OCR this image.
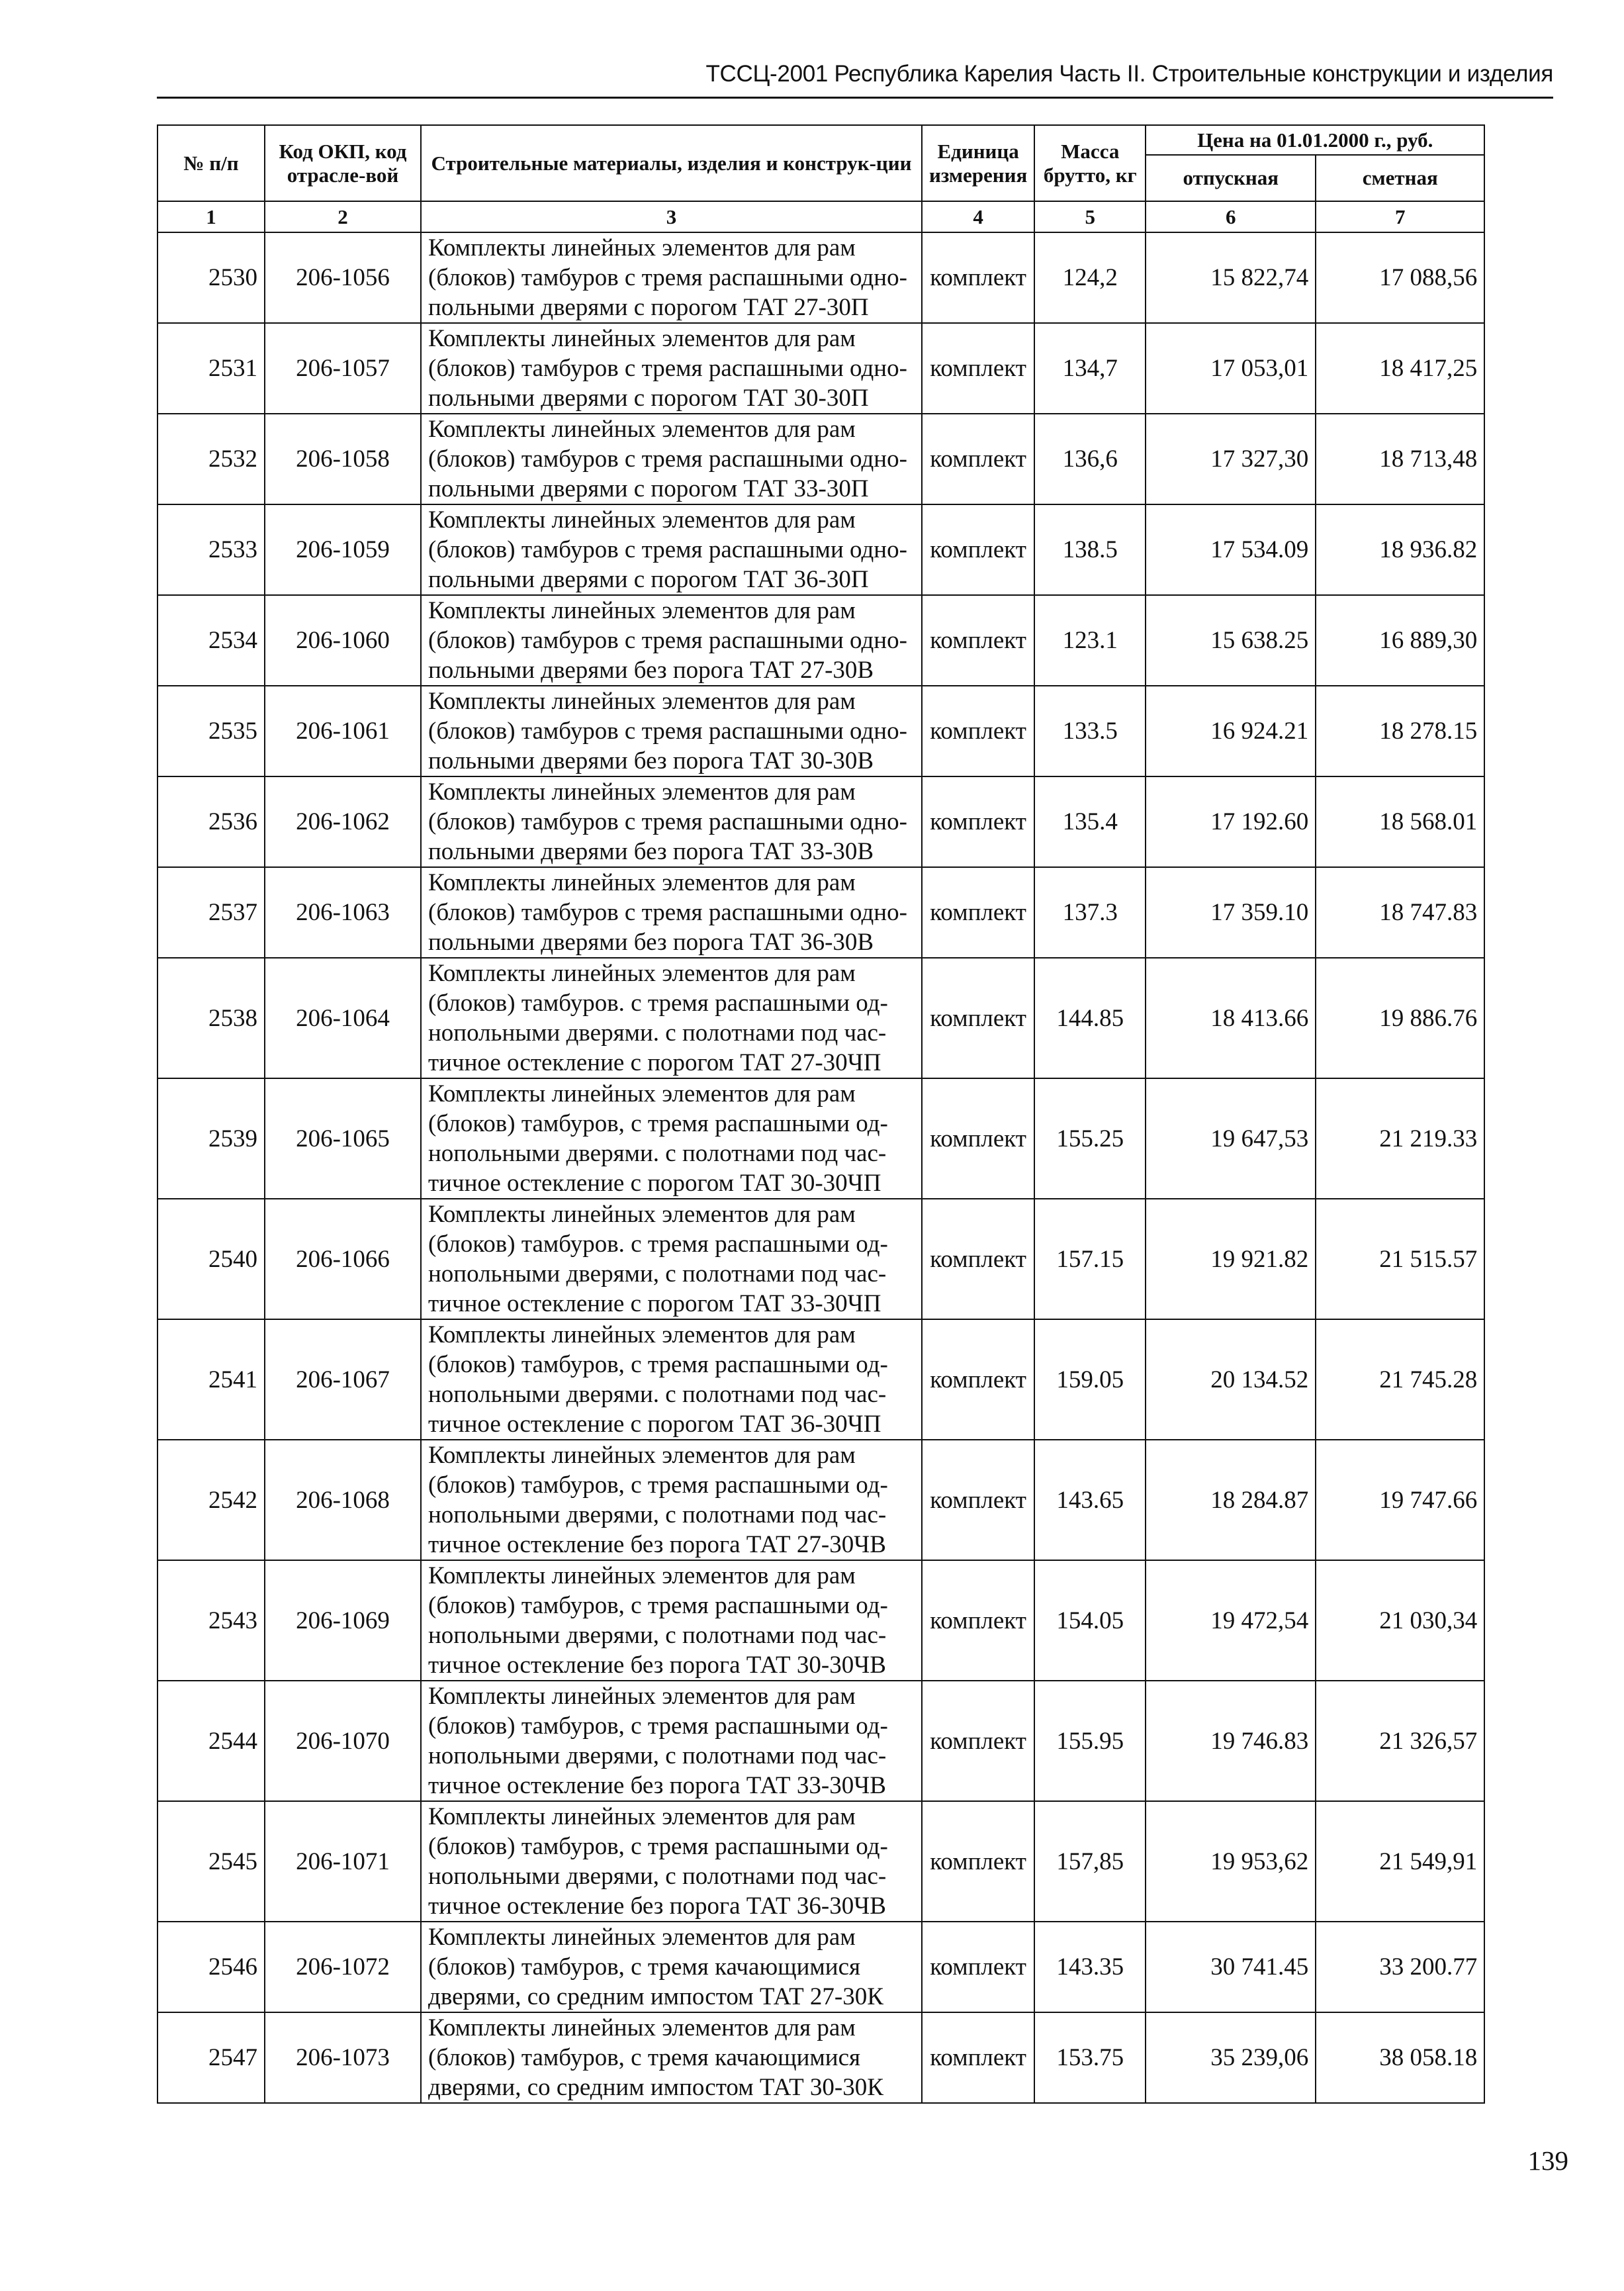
ТССЦ-2001 Республика Карелия Часть II. Строительные конструкции и изделия
№ п/п	Код ОКП, код отрасле-вой	Строительные материалы, изделия и конструк-ции	Единица измерения	Масса брутто, кг	Цена на 01.01.2000 г., руб.	
					отпускная	сметная
1	2	3	4	5	6	7
2530	206-1056	Комплекты линейных элементов для рам (блоков) тамбуров с тремя распашными одно-польными дверями с порогом ТАТ 27-30П	комплект	124,2	15 822,74	17 088,56
2531	206-1057	Комплекты линейных элементов для рам (блоков) тамбуров с тремя распашными одно-польными дверями с порогом ТАТ 30-30П	комплект	134,7	17 053,01	18 417,25
2532	206-1058	Комплекты линейных элементов для рам (блоков) тамбуров с тремя распашными одно-польными дверями с порогом ТАТ 33-30П	комплект	136,6	17 327,30	18 713,48
2533	206-1059	Комплекты линейных элементов для рам (блоков) тамбуров с тремя распашными одно-польными дверями с порогом ТАТ 36-30П	комплект	138.5	17 534.09	18 936.82
2534	206-1060	Комплекты линейных элементов для рам (блоков) тамбуров с тремя распашными одно-польными дверями без порога ТАТ 27-30В	комплект	123.1	15 638.25	16 889,30
2535	206-1061	Комплекты линейных элементов для рам (блоков) тамбуров с тремя распашными одно-польными дверями без порога ТАТ 30-30В	комплект	133.5	16 924.21	18 278.15
2536	206-1062	Комплекты линейных элементов для рам (блоков) тамбуров с тремя распашными одно-польными дверями без порога ТАТ 33-30В	комплект	135.4	17 192.60	18 568.01
2537	206-1063	Комплекты линейных элементов для рам (блоков) тамбуров с тремя распашными одно-польными дверями без порога ТАТ 36-30В	комплект	137.3	17 359.10	18 747.83
2538	206-1064	Комплекты линейных элементов для рам (блоков) тамбуров. с тремя распашными од-нопольными дверями. с полотнами под час-тичное остекление с порогом ТАТ 27-30ЧП	комплект	144.85	18 413.66	19 886.76
2539	206-1065	Комплекты линейных элементов для рам (блоков) тамбуров, с тремя распашными од-нопольными дверями. с полотнами под час-тичное остекление с порогом ТАТ 30-30ЧП	комплект	155.25	19 647,53	21 219.33
2540	206-1066	Комплекты линейных элементов для рам (блоков) тамбуров. с тремя распашными од-нопольными дверями, с полотнами под час-тичное остекление с порогом ТАТ 33-30ЧП	комплект	157.15	19 921.82	21 515.57
2541	206-1067	Комплекты линейных элементов для рам (блоков) тамбуров, с тремя распашными од-нопольными дверями. с полотнами под час-тичное остекление с порогом ТАТ 36-30ЧП	комплект	159.05	20 134.52	21 745.28
2542	206-1068	Комплекты линейных элементов для рам (блоков) тамбуров, с тремя распашными од-нопольными дверями, с полотнами под час-тичное остекление без порога ТАТ 27-30ЧВ	комплект	143.65	18 284.87	19 747.66
2543	206-1069	Комплекты линейных элементов для рам (блоков) тамбуров, с тремя распашными од-нопольными дверями, с полотнами под час-тичное остекление без порога ТАТ 30-30ЧВ	комплект	154.05	19 472,54	21 030,34
2544	206-1070	Комплекты линейных элементов для рам (блоков) тамбуров, с тремя распашными од-нопольными дверями, с полотнами под час-тичное остекление без порога ТАТ 33-30ЧВ	комплект	155.95	19 746.83	21 326,57
2545	206-1071	Комплекты линейных элементов для рам (блоков) тамбуров, с тремя распашными од-нопольными дверями, с полотнами под час-тичное остекление без порога ТАТ 36-30ЧВ	комплект	157,85	19 953,62	21 549,91
2546	206-1072	Комплекты линейных элементов для рам (блоков) тамбуров, с тремя качающимися дверями, со средним импостом ТАТ 27-30К	комплект	143.35	30 741.45	33 200.77
2547	206-1073	Комплекты линейных элементов для рам (блоков) тамбуров, с тремя качающимися дверями, со средним импостом ТАТ 30-30К	комплект	153.75	35 239,06	38 058.18
139
